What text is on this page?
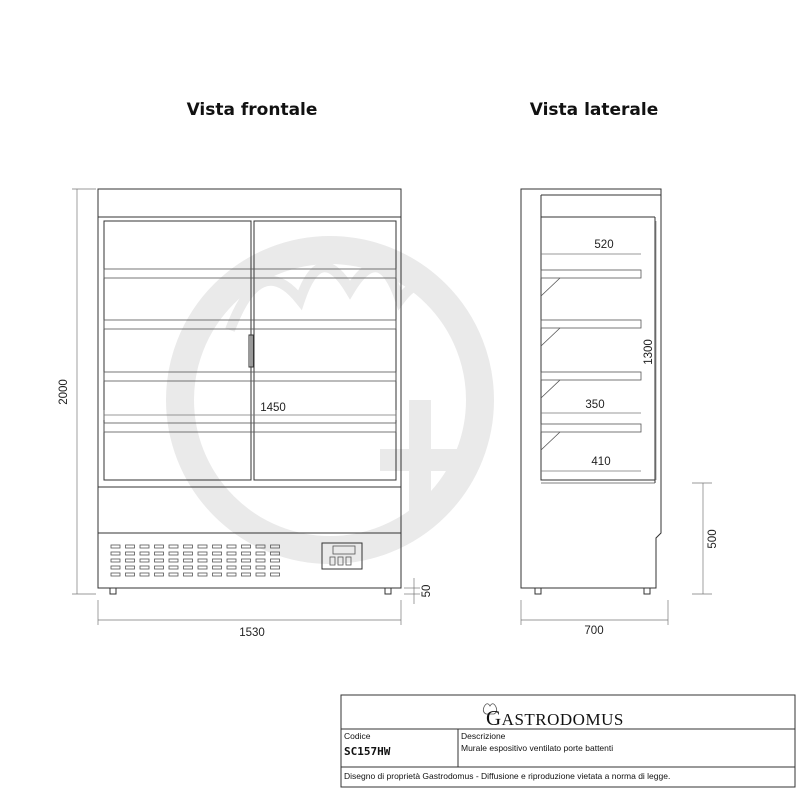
Vista frontale	Vista laterale
1450
1530
2000
50
520
350
410
1300
700
500
GASTRODOMUS
Codice
SC157HW
Descrizione
Murale espositivo ventilato porte battenti
Disegno di proprietà Gastrodomus - Diffusione e riproduzione vietata a norma di legge.
